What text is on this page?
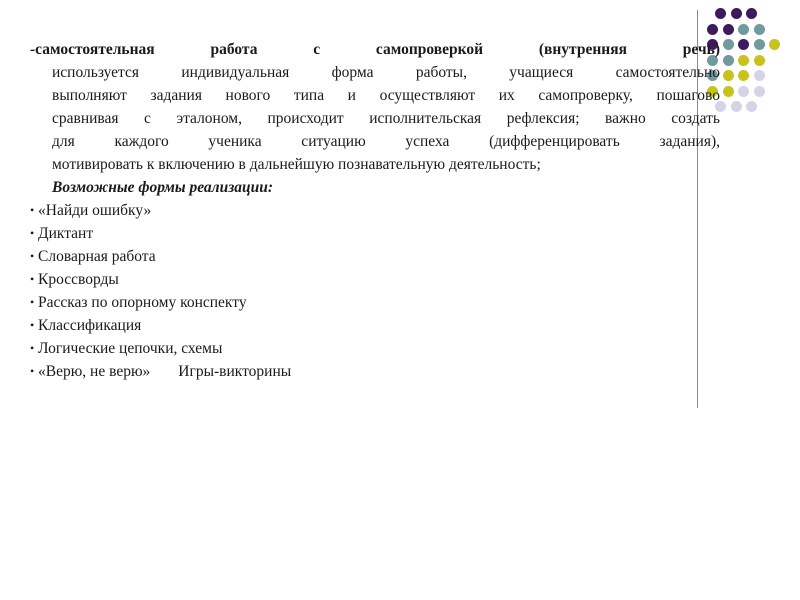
-самостоятельная работа с самопроверкой (внутренняя речь)
используется индивидуальная форма работы, учащиеся самостоятельно
выполняют задания нового типа и осуществляют их самопроверку, пошагово
сравнивая с эталоном, происходит исполнительская рефлексия; важно создать
для каждого ученика ситуацию успеха (дифференцировать задания),
мотивировать к включению в дальнейшую познавательную деятельность;

Возможные формы реализации:

• «Найди ошибку»
• Диктант
• Словарная работа
• Кроссворды
• Рассказ по опорному конспекту
• Классификация
• Логические цепочки, схемы
• «Верю, не верю» Игры-викторины
